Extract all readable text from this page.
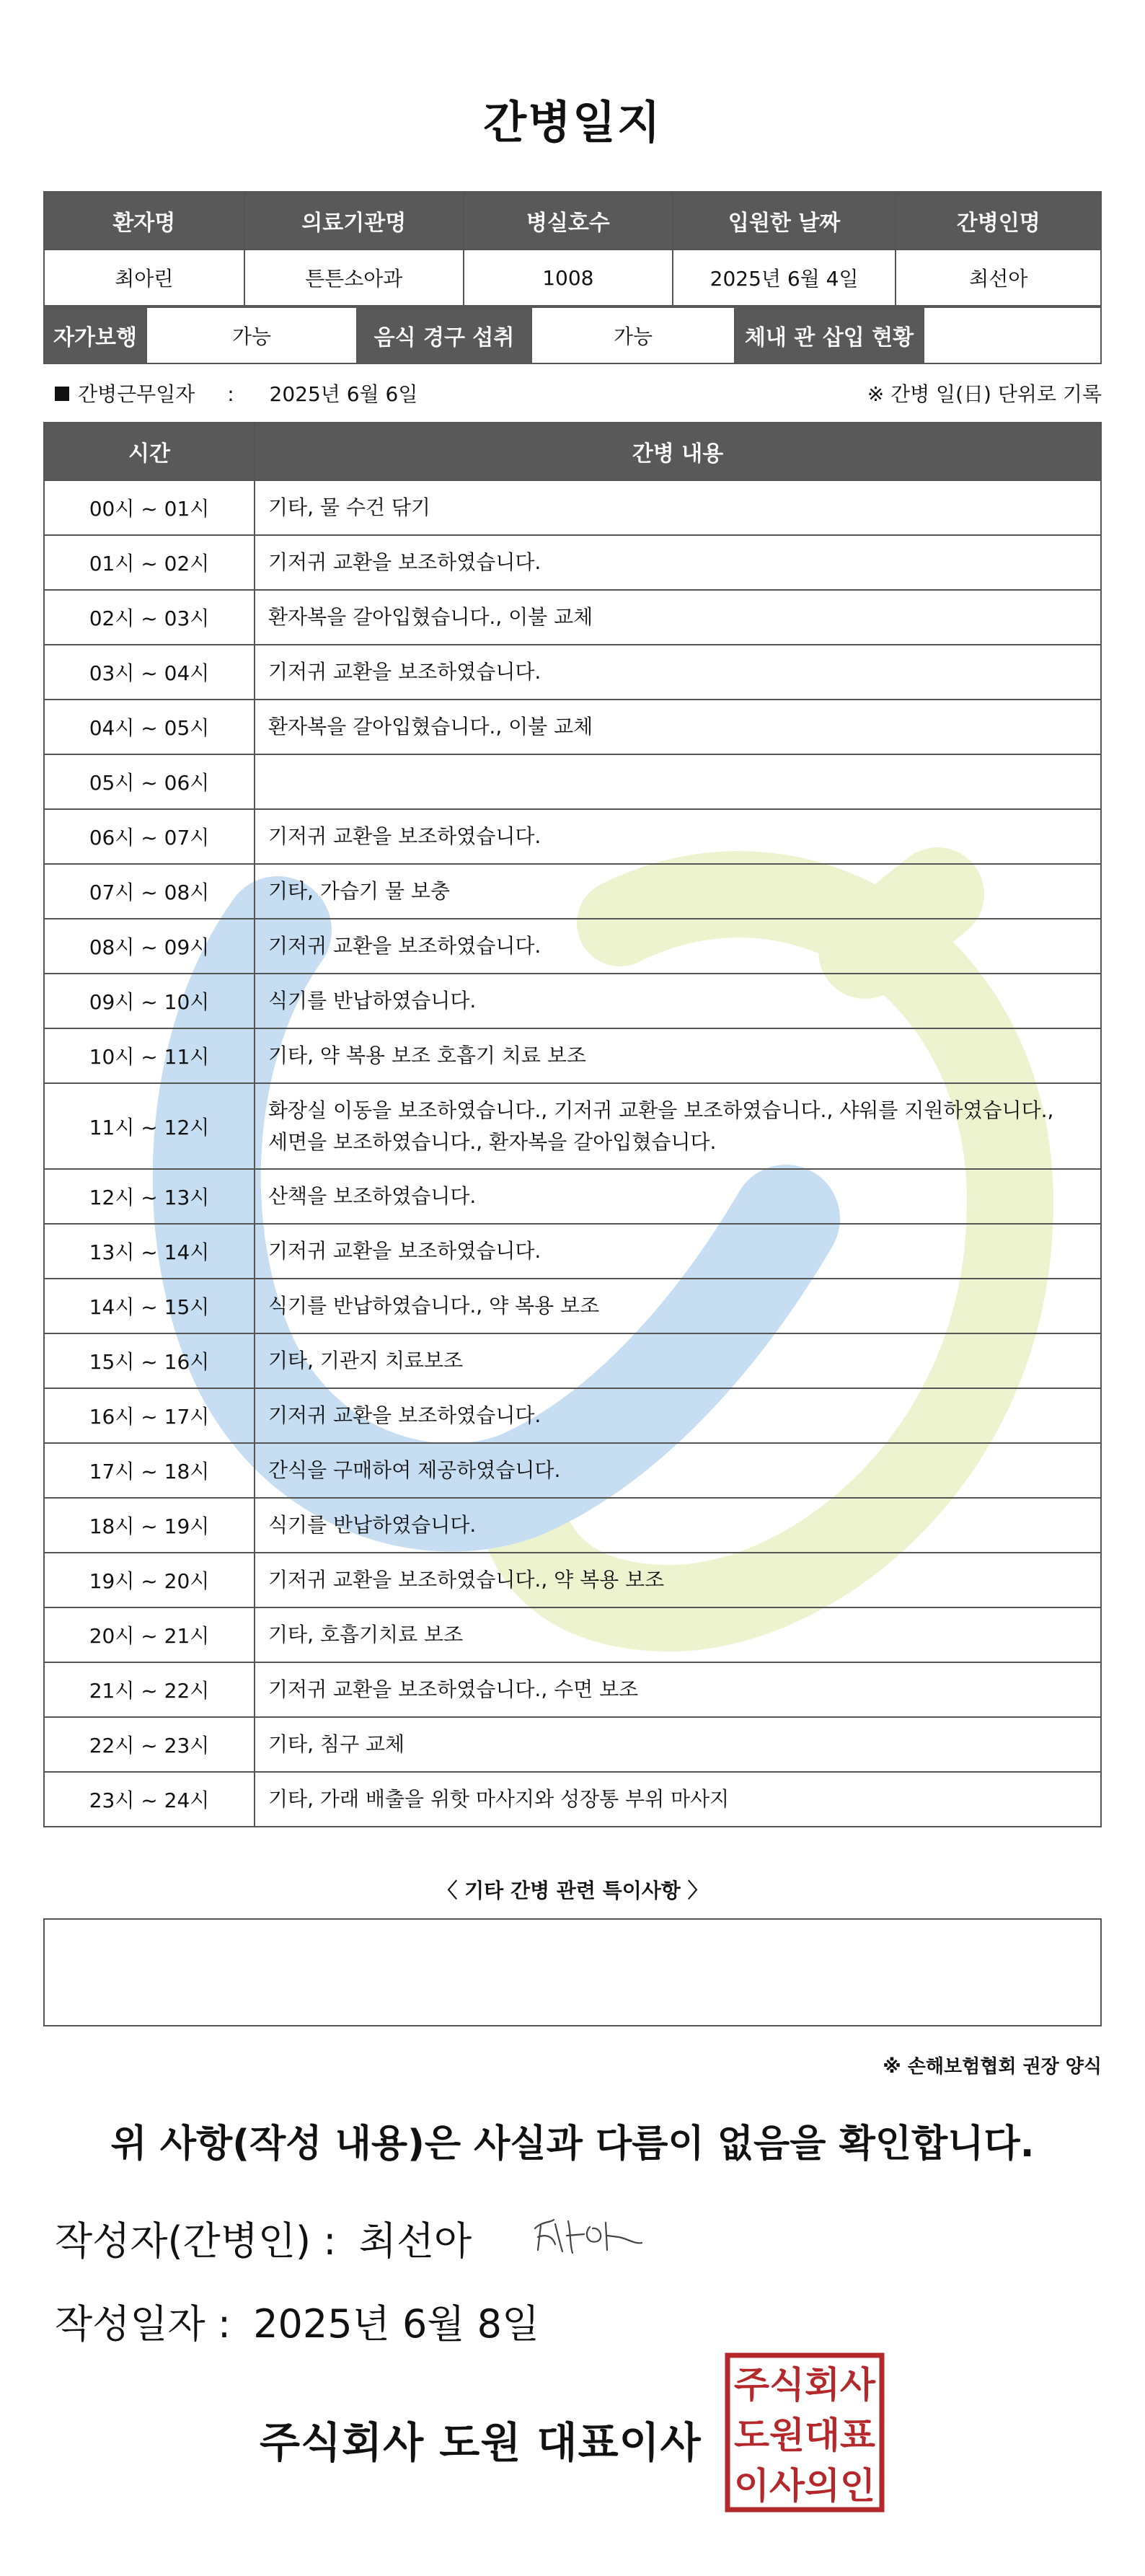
간병일지
환자명	의료기관명	병실호수	입원한 날짜	간병인명
최아린	튼튼소아과	1008	2025년 6월 4일	최선아
자가보행	가능	음식 경구 섭취	가능	체내 관 삽입 현황	
간병근무일자 : 2025년 6월 6일	※ 간병 일(日) 단위로 기록
시간	간병 내용
00시 ~ 01시	기타, 물 수건 닦기
01시 ~ 02시	기저귀 교환을 보조하였습니다.
02시 ~ 03시	환자복을 갈아입혔습니다., 이불 교체
03시 ~ 04시	기저귀 교환을 보조하였습니다.
04시 ~ 05시	환자복을 갈아입혔습니다., 이불 교체
05시 ~ 06시	
06시 ~ 07시	기저귀 교환을 보조하였습니다.
07시 ~ 08시	기타, 가습기 물 보충
08시 ~ 09시	기저귀 교환을 보조하였습니다.
09시 ~ 10시	식기를 반납하였습니다.
10시 ~ 11시	기타, 약 복용 보조 호흡기 치료 보조
11시 ~ 12시	화장실 이동을 보조하였습니다., 기저귀 교환을 보조하였습니다., 샤워를 지원하였습니다., 세면을 보조하였습니다., 환자복을 갈아입혔습니다.
12시 ~ 13시	산책을 보조하였습니다.
13시 ~ 14시	기저귀 교환을 보조하였습니다.
14시 ~ 15시	식기를 반납하였습니다., 약 복용 보조
15시 ~ 16시	기타, 기관지 치료보조
16시 ~ 17시	기저귀 교환을 보조하였습니다.
17시 ~ 18시	간식을 구매하여 제공하였습니다.
18시 ~ 19시	식기를 반납하였습니다.
19시 ~ 20시	기저귀 교환을 보조하였습니다., 약 복용 보조
20시 ~ 21시	기타, 호흡기치료 보조
21시 ~ 22시	기저귀 교환을 보조하였습니다., 수면 보조
22시 ~ 23시	기타, 침구 교체
23시 ~ 24시	기타, 가래 배출을 위핫 마사지와 성장통 부위 마사지
〈 기타 간병 관련 특이사항 〉
※ 손해보험협회 권장 양식
위 사항(작성 내용)은 사실과 다름이 없음을 확인합니다.
작성자(간병인) : 최선아
작성일자 : 2025년 6월 8일
주식회사 도원 대표이사
주식회사
도원대표
이사의인
